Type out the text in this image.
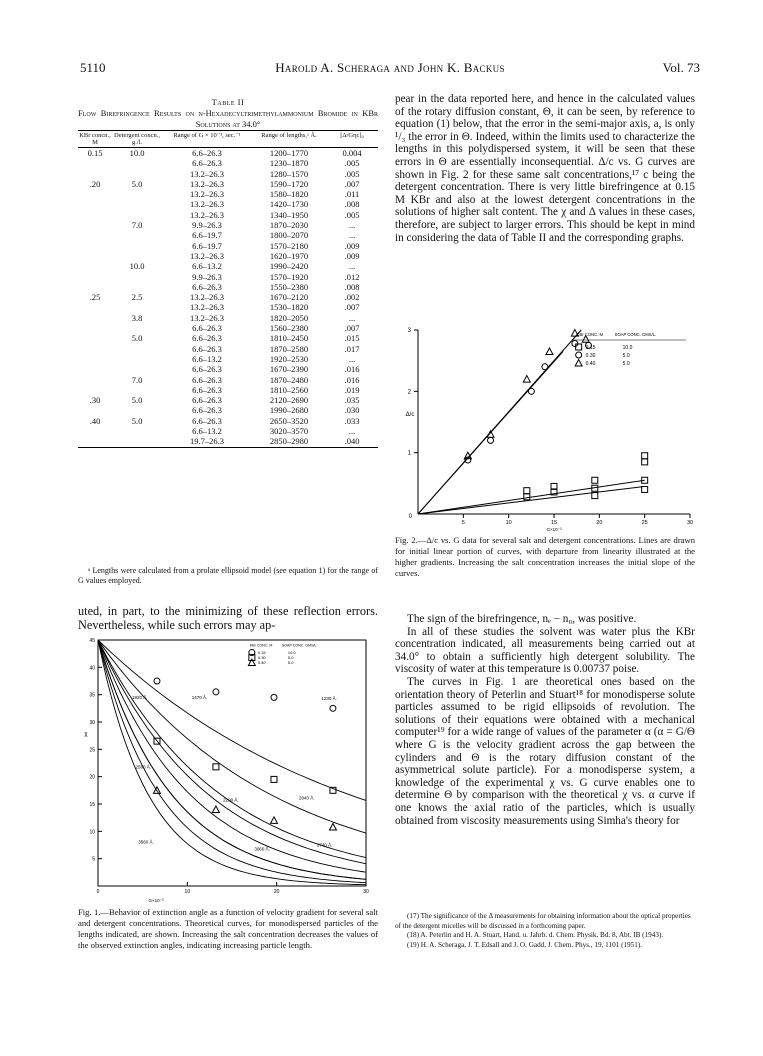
5110	Harold A. Scheraga and John K. Backus	Vol. 73
Table II
Flow Birefringence Results on n-Hexadecyltrimethylammonium Bromide in KBr Solutions at 34.0°
KBr concn., M	Detergent concn., g./l.	Range of G × 10⁻³, sec.⁻¹	Range of lengths,ᵃ Å.	[Δ/Gηc]₀
0.15	10.0	6.6–26.3	1200–1770	0.004
		6.6–26.3	1230–1870	.005
		13.2–26.3	1280–1570	.005
.20	5.0	13.2–26.3	1590–1720	.007
		13.2–26.3	1580–1820	.011
		13.2–26.3	1420–1730	.008
		13.2–26.3	1340–1950	.005
	7.0	9.9–26.3	1870–2030	...
		6.6–19.7	1800–2070	...
		6.6–19.7	1570–2180	.009
		13.2–26.3	1620–1970	.009
	10.0	6.6–13.2	1990–2420	...
		9.9–26.3	1570–1920	.012
		6.6–26.3	1550–2380	.008
.25	2.5	13.2–26.3	1670–2120	.002
		13.2–26.3	1530–1820	.007
	3.8	13.2–26.3	1820–2050	...
		6.6–26.3	1560–2380	.007
	5.0	6.6–26.3	1810–2450	.015
		6.6–26.3	1870–2580	.017
		6.6–13.2	1920–2530	...
		6.6–26.3	1670–2390	.016
	7.0	6.6–26.3	1870–2480	.016
		6.6–26.3	1810–2560	.019
.30	5.0	6.6–26.3	2120–2690	.035
		6.6–26.3	1990–2680	.030
.40	5.0	6.6–26.3	2650–3520	.033
		6.6–13.2	3020–3570	...
		19.7–26.3	2850–2980	.040
ᵃ Lengths were calculated from a prolate ellipsoid model (see equation 1) for the range of G values employed.

uted, in part, to the minimizing of these reflection errors. Nevertheless, while such errors may ap-

5
10
15
20
25
30
35
40
45
0	10	20	30
G×10⁻³
χ
1820 Å.	1470 Å.	1230 Å.
2560 Å.
2290 Å.	2040 Å.
3560 Å.
3060 Å.
2740 Å.
KBr CONC. M	SOAP CONC. GMS/L.
0.15	10.0
0.30	5.0
0.40	5.0
Fig. 1.—Behavior of extinction angle as a function of velocity gradient for several salt and detergent concentrations. Theoretical curves, for monodispersed particles of the lengths indicated, are shown. Increasing the salt concentration decreases the values of the observed extinction angles, indicating increasing particle length.

pear in the data reported here, and hence in the calculated values of the rotary diffusion constant, Θ, it can be seen, by reference to equation (1) below, that the error in the semi-major axis, a, is only ¹/₃ the error in Θ. Indeed, within the limits used to characterize the lengths in this polydispersed system, it will be seen that these errors in Θ are essentially inconsequential. Δ/c vs. G curves are shown in Fig. 2 for these same salt concentrations,¹⁷ c being the detergent concentration. There is very little birefringence at 0.15 M KBr and also at the lowest detergent concentrations in the solutions of higher salt content. The χ and Δ values in these cases, therefore, are subject to larger errors. This should be kept in mind in considering the data of Table II and the corresponding graphs.

0
1
2
3
5	10	15	20	25	30
G×10⁻³
Δ/c
KBr CONC. M	SOAP CONC. GMS/L.
0.15	10.0
0.30	5.0
0.40	5.0
Fig. 2.—Δ/c vs. G data for several salt and detergent concentrations. Lines are drawn for initial linear portion of curves, with departure from linearity illustrated at the higher gradients. Increasing the salt concentration increases the initial slope of the curves.

The sign of the birefringence, nₑ − n₀, was positive.

In all of these studies the solvent was water plus the KBr concentration indicated, all measurements being carried out at 34.0° to obtain a sufficiently high detergent solubility. The viscosity of water at this temperature is 0.00737 poise.

The curves in Fig. 1 are theoretical ones based on the orientation theory of Peterlin and Stuart¹⁸ for monodisperse solute particles assumed to be rigid ellipsoids of revolution. The solutions of their equations were obtained with a mechanical computer¹⁹ for a wide range of values of the parameter α (α = G/Θ where G is the velocity gradient across the gap between the cylinders and Θ is the rotary diffusion constant of the asymmetrical solute particle). For a monodisperse system, a knowledge of the experimental χ vs. G curve enables one to determine Θ by comparison with the theoretical χ vs. α curve if one knows the axial ratio of the particles, which is usually obtained from viscosity measurements using Simha's theory for

(17) The significance of the Δ measurements for obtaining information about the optical properties of the detergent micelles will be discussed in a forthcoming paper.

(18) A. Peterlin and H. A. Stuart, Hand. u. Jahrb. d. Chem. Physik, Bd. 8, Abt. IB (1943).

(19) H. A. Scheraga, J. T. Edsall and J. O. Gadd, J. Chem. Phys., 19, 1101 (1951).
